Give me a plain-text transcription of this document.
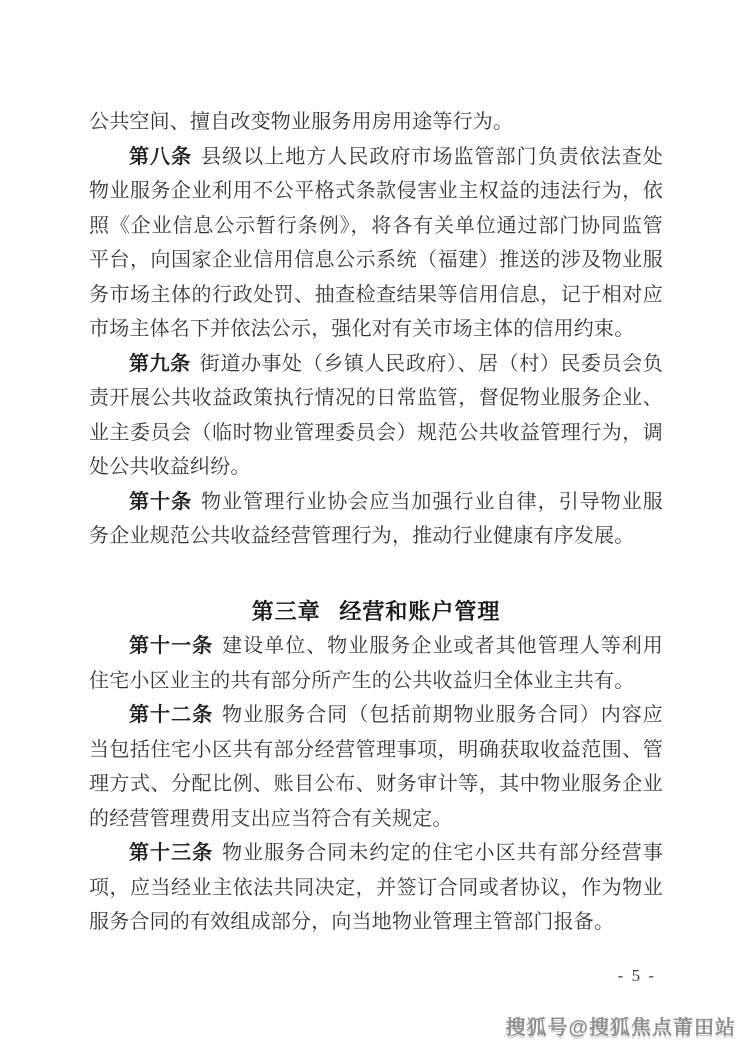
公共空间、擅自改变物业服务用房用途等行为。

第八条 县级以上地方人民政府市场监管部门负责依法查处物业服务企业利用不公平格式条款侵害业主权益的违法行为，依照《企业信息公示暂行条例》，将各有关单位通过部门协同监管平台，向国家企业信用信息公示系统（福建）推送的涉及物业服务市场主体的行政处罚、抽查检查结果等信用信息，记于相对应市场主体名下并依法公示，强化对有关市场主体的信用约束。

第九条 街道办事处（乡镇人民政府）、居（村）民委员会负责开展公共收益政策执行情况的日常监管，督促物业服务企业、业主委员会（临时物业管理委员会）规范公共收益管理行为，调处公共收益纠纷。

第十条 物业管理行业协会应当加强行业自律，引导物业服务企业规范公共收益经营管理行为，推动行业健康有序发展。

第三章 经营和账户管理

第十一条 建设单位、物业服务企业或者其他管理人等利用住宅小区业主的共有部分所产生的公共收益归全体业主共有。

第十二条 物业服务合同（包括前期物业服务合同）内容应当包括住宅小区共有部分经营管理事项，明确获取收益范围、管理方式、分配比例、账目公布、财务审计等，其中物业服务企业的经营管理费用支出应当符合有关规定。

第十三条 物业服务合同未约定的住宅小区共有部分经营事项，应当经业主依法共同决定，并签订合同或者协议，作为物业服务合同的有效组成部分，向当地物业管理主管部门报备。

- 5 -
搜狐号@搜狐焦点莆田站
